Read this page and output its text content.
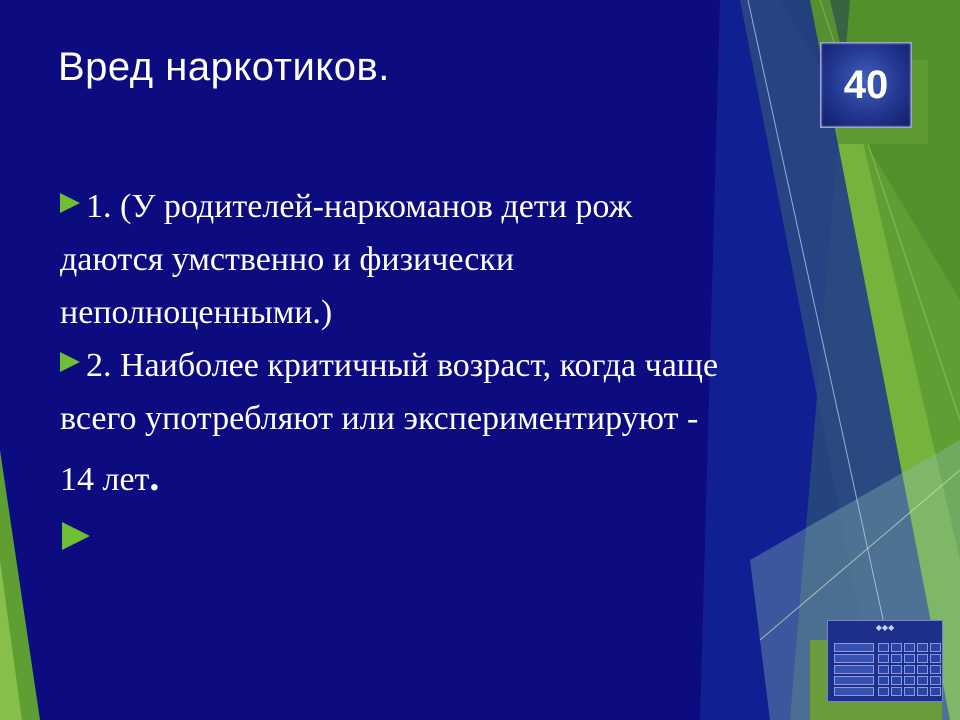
Вред наркотиков.	40
1. (У родителей-наркоманов дети рож
даются умственно и физически
неполноценными.)
2. Наиболее критичный возраст, когда чаще
всего употребляют или экспериментируют -
14 лет.
◆◆◆
